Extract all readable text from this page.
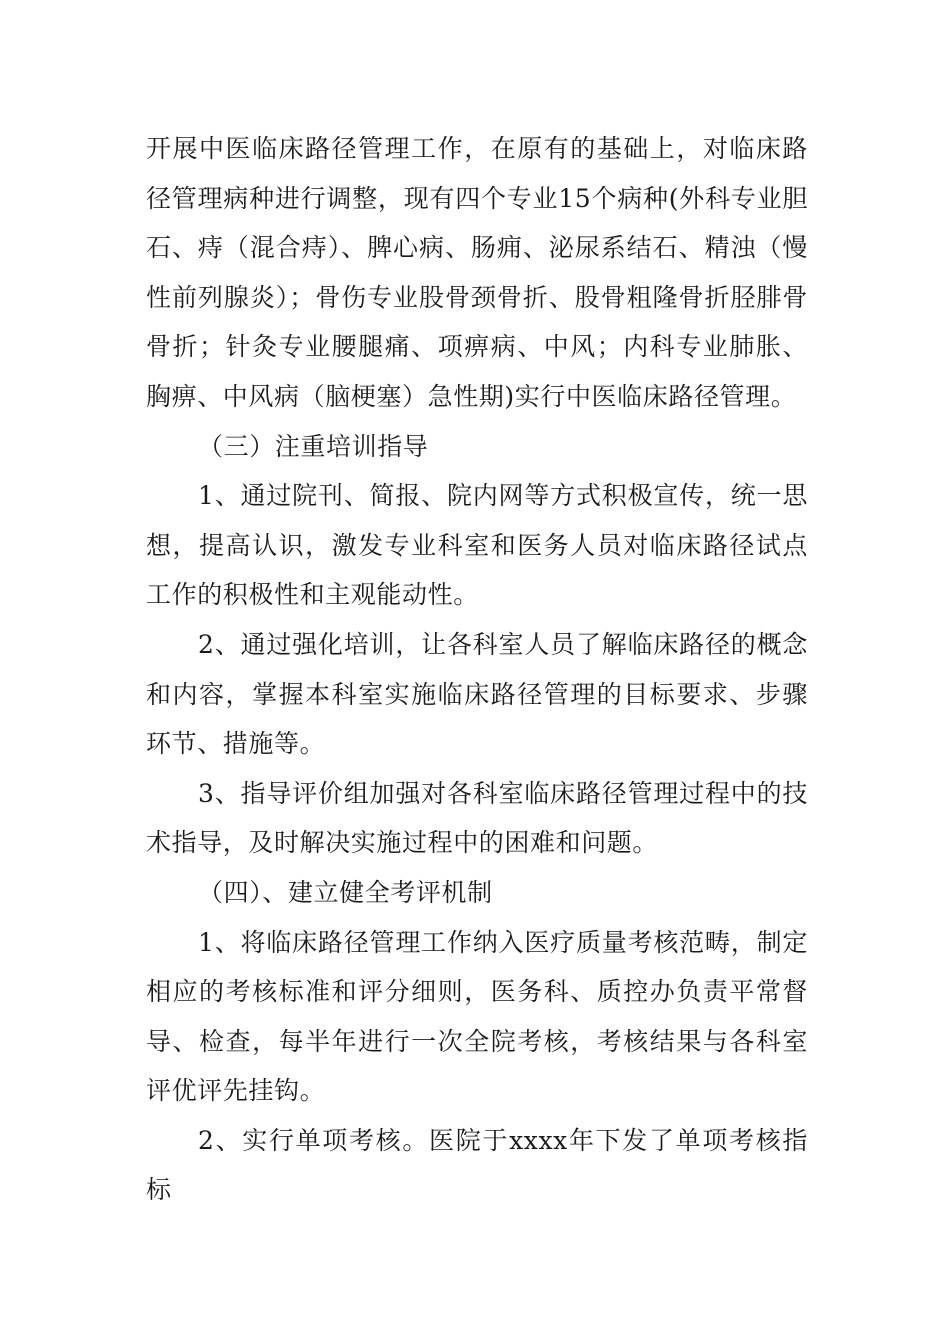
开展中医临床路径管理工作，在原有的基础上，对临床路径管理病种进行调整，现有四个专业15个病种(外科专业胆石、痔（混合痔）、脾心病、肠痈、泌尿系结石、精浊（慢性前列腺炎）；骨伤专业股骨颈骨折、股骨粗隆骨折胫腓骨骨折；针灸专业腰腿痛、项痹病、中风；内科专业肺胀、胸痹、中风病（脑梗塞）急性期)实行中医临床路径管理。

（三）注重培训指导

1、通过院刊、简报、院内网等方式积极宣传，统一思想，提高认识，激发专业科室和医务人员对临床路径试点工作的积极性和主观能动性。

2、通过强化培训，让各科室人员了解临床路径的概念和内容，掌握本科室实施临床路径管理的目标要求、步骤环节、措施等。

3、指导评价组加强对各科室临床路径管理过程中的技术指导，及时解决实施过程中的困难和问题。

（四）、建立健全考评机制

1、将临床路径管理工作纳入医疗质量考核范畴，制定相应的考核标准和评分细则，医务科、质控办负责平常督导、检查，每半年进行一次全院考核，考核结果与各科室评优评先挂钩。

2、实行单项考核。医院于xxxx年下发了单项考核指标
